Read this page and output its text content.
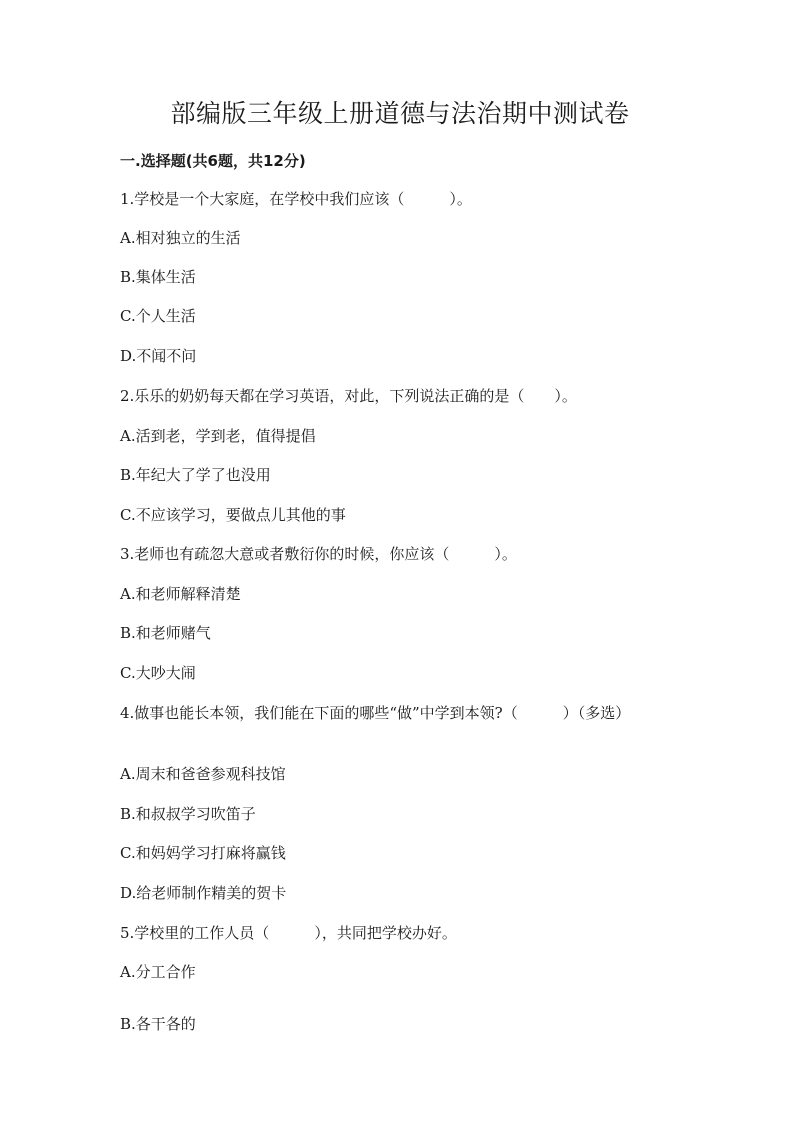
部编版三年级上册道德与法治期中测试卷
一.选择题(共6题，共12分)
1.学校是一个大家庭，在学校中我们应该（　　　）。
A.相对独立的生活
B.集体生活
C.个人生活
D.不闻不问
2.乐乐的奶奶每天都在学习英语，对此，下列说法正确的是（　　）。
A.活到老，学到老，值得提倡
B.年纪大了学了也没用
C.不应该学习，要做点儿其他的事
3.老师也有疏忽大意或者敷衍你的时候，你应该（　　　）。
A.和老师解释清楚
B.和老师赌气
C.大吵大闹
4.做事也能长本领，我们能在下面的哪些“做”中学到本领?（　　　）（多选）
A.周末和爸爸参观科技馆
B.和叔叔学习吹笛子
C.和妈妈学习打麻将赢钱
D.给老师制作精美的贺卡
5.学校里的工作人员（　　　），共同把学校办好。
A.分工合作
B.各干各的
